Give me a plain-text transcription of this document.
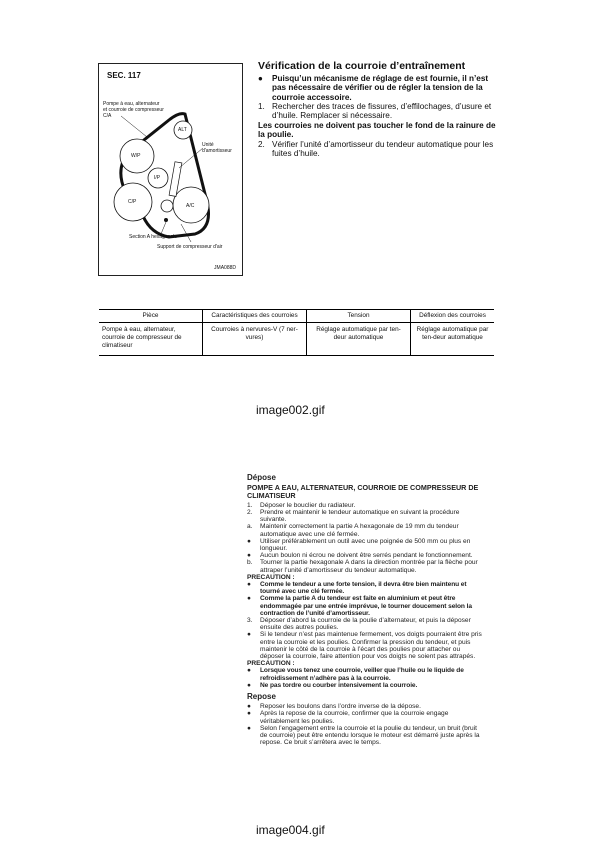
SEC. 117
Pompe à eau, alternateur
et courroie de compresseur
C/A
ALT
Unité
d'amortisseur
W/P
I/P
C/P
A/C
Section A hexagonale
Support de compresseur d'air
JMA088D
Vérification de la courroie d’entraînement
● Puisqu’un mécanisme de réglage de est fournie, il n’est pas nécessaire de vérifier ou de régler la tension de la courroie accessoire.
1. Rechercher des traces de fissures, d’effilochages, d’usure et d’huile. Remplacer si nécessaire.
Les courroies ne doivent pas toucher le fond de la rainure de la poulie.
2. Vérifier l’unité d’amortisseur du tendeur automatique pour les fuites d’huile.
Pièce	Caractéristiques des courroies	Tension	Déflexion des courroies
Pompe à eau, alternateur, courroie de compresseur de climatiseur	Courroies à nervures-V (7 ner-vures)	Réglage automatique par ten-deur automatique	Réglage automatique par ten-deur automatique
image002.gif
Dépose
POMPE A EAU, ALTERNATEUR, COURROIE DE COMPRESSEUR DE CLIMATISEUR
1. Déposer le bouclier du radiateur.
2. Prendre et maintenir le tendeur automatique en suivant la procédure suivante.
a. Maintenir correctement la partie A hexagonale de 19 mm du tendeur automatique avec une clé fermée.
● Utiliser préférablement un outil avec une poignée de 500 mm ou plus en longueur.
● Aucun boulon ni écrou ne doivent être serrés pendant le fonctionnement.
b. Tourner la partie hexagonale A dans la direction montrée par la flèche pour attraper l’unité d’amortisseur du tendeur automatique.
PRECAUTION :
● Comme le tendeur a une forte tension, il devra être bien maintenu et tourné avec une clé fermée.
● Comme la partie A du tendeur est faite en aluminium et peut être endommagée par une entrée imprévue, le tourner doucement selon la contraction de l’unité d’amortisseur.
3. Déposer d’abord la courroie de la poulie d’alternateur, et puis la déposer ensuite des autres poulies.
● Si le tendeur n’est pas maintenue fermement, vos doigts pourraient être pris entre la courroie et les poulies. Confirmer la pression du tendeur, et puis maintenir le côté de la courroie à l’écart des poulies pour attacher ou déposer la courroie, faire attention pour vos doigts ne soient pas attrapés.
PRECAUTION :
● Lorsque vous tenez une courroie, veiller que l’huile ou le liquide de refroidissement n’adhère pas à la courroie.
● Ne pas tordre ou courber intensivement la courroie.
Repose
● Reposer les boulons dans l’ordre inverse de la dépose.
● Après la repose de la courroie, confirmer que la courroie engage véritablement les poulies.
● Selon l’engagement entre la courroie et la poulie du tendeur, un bruit (bruit de courroie) peut être entendu lorsque le moteur est démarré juste après la repose. Ce bruit s’arrêtera avec le temps.
image004.gif
